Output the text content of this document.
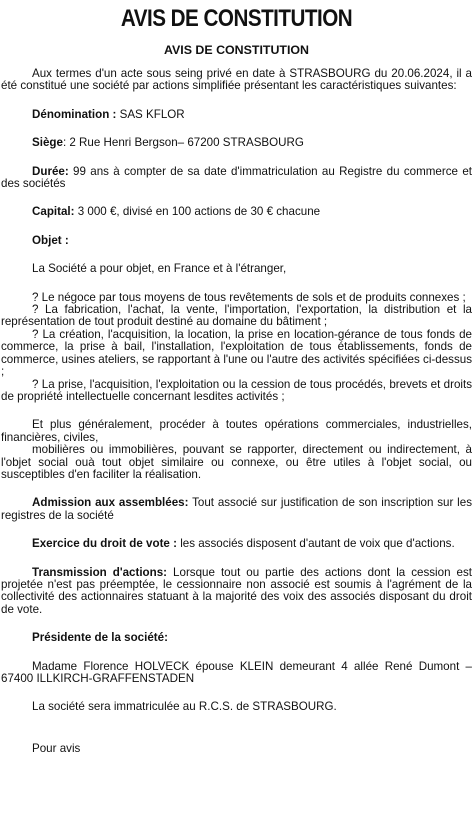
AVIS DE CONSTITUTION
AVIS DE CONSTITUTION

Aux termes d'un acte sous seing privé en date à STRASBOURG du 20.06.2024, il a été constitué une société par actions simplifiée présentant les caractéristiques suivantes:

Dénomination : SAS KFLOR

Siège: 2 Rue Henri Bergson– 67200 STRASBOURG

Durée: 99 ans à compter de sa date d'immatriculation au Registre du commerce et des sociétés

Capital: 3 000 €, divisé en 100 actions de 30 € chacune

Objet :

La Société a pour objet, en France et à l'étranger,

? Le négoce par tous moyens de tous revêtements de sols et de produits connexes ;

? La fabrication, l'achat, la vente, l'importation, l'exportation, la distribution et la représentation de tout produit destiné au domaine du bâtiment ;

? La création, l'acquisition, la location, la prise en location-gérance de tous fonds de commerce, la prise à bail, l'installation, l'exploitation de tous établissements, fonds de commerce, usines ateliers, se rapportant à l'une ou l'autre des activités spécifiées ci-dessus ;

? La prise, l'acquisition, l'exploitation ou la cession de tous procédés, brevets et droits de propriété intellectuelle concernant lesdites activités ;

Et plus généralement, procéder à toutes opérations commerciales, industrielles, financières, civiles,

mobilières ou immobilières, pouvant se rapporter, directement ou indirectement, à l'objet social ouà tout objet similaire ou connexe, ou être utiles à l'objet social, ou susceptibles d'en faciliter la réalisation.

Admission aux assemblées: Tout associé sur justification de son inscription sur les registres de la société

Exercice du droit de vote : les associés disposent d'autant de voix que d'actions.

Transmission d'actions: Lorsque tout ou partie des actions dont la cession est projetée n'est pas préemptée, le cessionnaire non associé est soumis à l'agrément de la collectivité des actionnaires statuant à la majorité des voix des associés disposant du droit de vote.

Présidente de la société:

Madame Florence HOLVECK épouse KLEIN demeurant 4 allée René Dumont – 67400 ILLKIRCH-GRAFFENSTADEN

La société sera immatriculée au R.C.S. de STRASBOURG.

Pour avis
